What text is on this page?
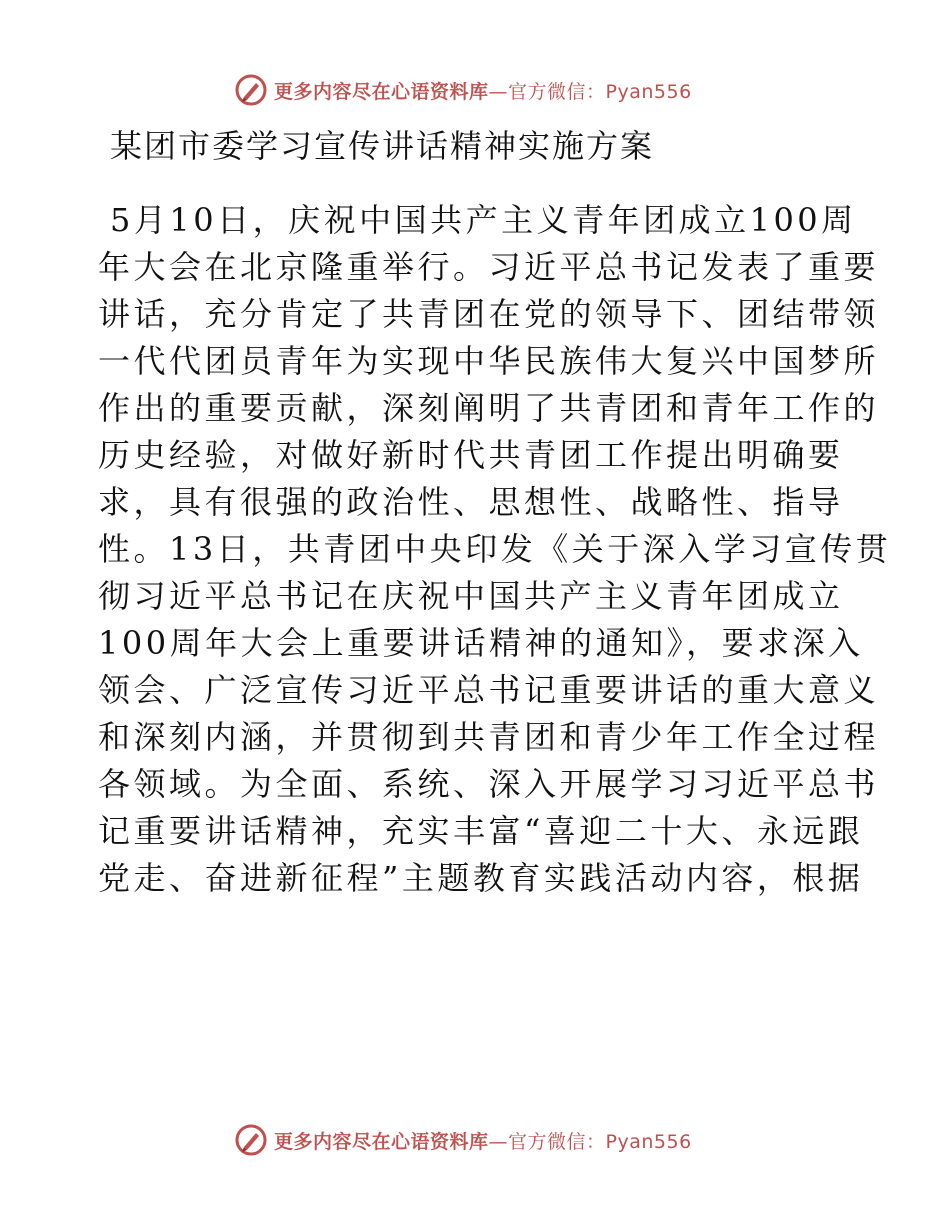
更多内容尽在心语资料库—官方微信：Pyan556
某团市委学习宣传讲话精神实施方案
5月10日，庆祝中国共产主义青年团成立100周
年大会在北京隆重举行。习近平总书记发表了重要
讲话，充分肯定了共青团在党的领导下、团结带领
一代代团员青年为实现中华民族伟大复兴中国梦所
作出的重要贡献，深刻阐明了共青团和青年工作的
历史经验，对做好新时代共青团工作提出明确要
求，具有很强的政治性、思想性、战略性、指导
性。13日，共青团中央印发《关于深入学习宣传贯
彻习近平总书记在庆祝中国共产主义青年团成立
100周年大会上重要讲话精神的通知》，要求深入
领会、广泛宣传习近平总书记重要讲话的重大意义
和深刻内涵，并贯彻到共青团和青少年工作全过程
各领域。为全面、系统、深入开展学习习近平总书
记重要讲话精神，充实丰富“喜迎二十大、永远跟
党走、奋进新征程”主题教育实践活动内容，根据
更多内容尽在心语资料库—官方微信：Pyan556
